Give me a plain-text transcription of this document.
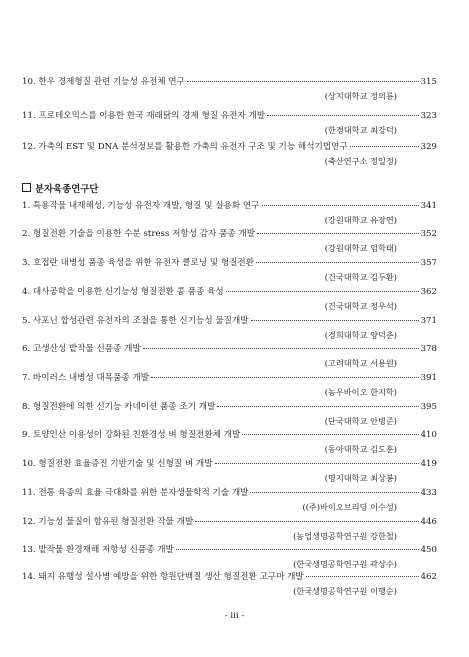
10. 한우 경제형질 관련 기능성 유전체 연구	315
(상지대학교 정의룡)
11. 프로테오믹스를 이용한 한국 재래닭의 경제 형질 유전자 개발	323
(한경대학교 최강덕)
12. 가축의 EST 및 DNA 분석정보를 활용한 가축의 유전자 구조 및 기능 해석기법연구	329
(축산연구소 정일정)
분자육종연구단
1. 특용작물 내재해성, 기능성 유전자 개발, 형질 및 실용화 연구	341
(강원대학교 유장연)
2. 형질전환 기술을 이용한 수분 stress 저항성 감자 품종 개발	352
(강원대학교 임학태)
3. 호접란 내병성 품종 육성을 위한 유전자 클로닝 및 형질전환	357
(건국대학교 김두환)
4. 대사공학을 이용한 신기능성 형질전환 콩 품종 육성	362
(건국대학교 정우석)
5. 사포닌 합성관련 유전자의 조절을 통한 신기능성 물질개발	371
(경희대학교 양덕춘)
6. 고생산성 밭작물 신품종 개발	378
(고려대학교 서용원)
7. 바이러스 내병성 대목품종 개발	391
(농우바이오 한지학)
8. 형질전환에 의한 신기능 카네이션 품종 조기 개발	395
(단국대학교 안병준)
9. 토양인산 이용성이 강화된 친환경성 벼 형질전환체 개발	410
(동아대학교 김도훈)
10. 형질전환 효율증진 기반기술 및 신형질 벼 개발	419
(명지대학교 최상봉)
11. 전통 육종의 효율 극대화를 위한 분자생물학적 기술 개발	433
((주)바이오브리딩 이수성)
12. 기능성 물질이 함유된 형질전환 작물 개발	446
(농업생명공학연구원 강한철)
13. 밭작물 환경재해 저항성 신품종 개발	450
(한국생명공학연구원 곽상수)
14. 돼지 유행성 설사병 예방을 위한 항원단백질 생산 형질전환 고구마 개발	462
(한국생명공학연구원 이행순)
- iii -
